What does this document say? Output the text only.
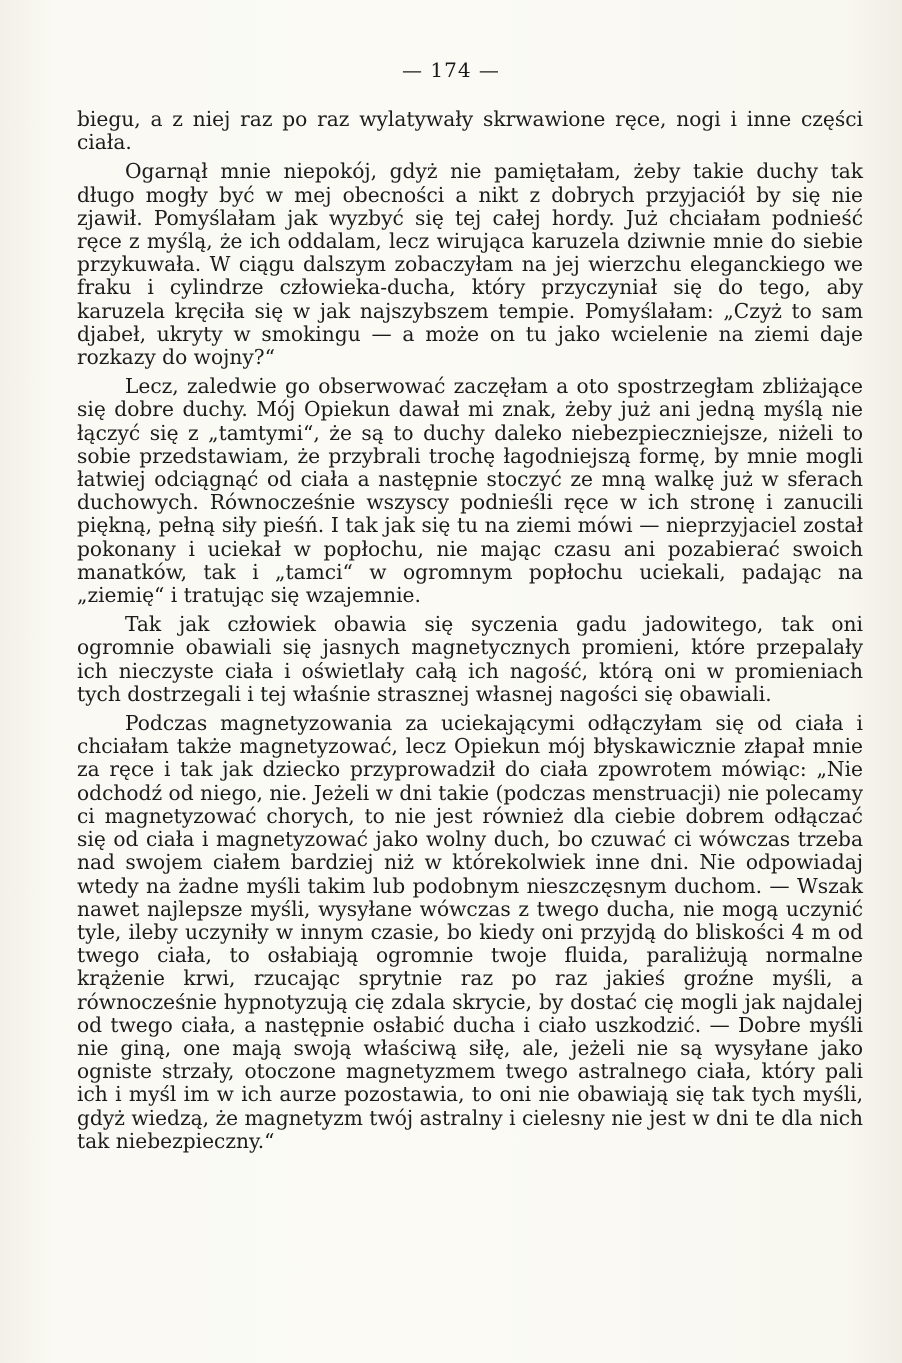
— 174 —

biegu, a z niej raz po raz wylatywały skrwawione ręce, nogi i inne części ciała.

Ogarnął mnie niepokój, gdyż nie pamiętałam, żeby takie duchy tak długo mogły być w mej obecności a nikt z dobrych przyjaciół by się nie zjawił. Pomyślałam jak wyzbyć się tej całej hordy. Już chciałam podnieść ręce z myślą, że ich oddalam, lecz wirująca karuzela dziwnie mnie do siebie przykuwała. W ciągu dalszym zobaczyłam na jej wierzchu eleganckiego we fraku i cylindrze człowieka-ducha, który przyczyniał się do tego, aby karuzela kręciła się w jak najszybszem tempie. Pomyślałam: „Czyż to sam djabeł, ukryty w smokingu — a może on tu jako wcielenie na ziemi daje rozkazy do wojny?“

Lecz, zaledwie go obserwować zaczęłam a oto spostrzegłam zbliżające się dobre duchy. Mój Opiekun dawał mi znak, żeby już ani jedną myślą nie łączyć się z „tamtymi“, że są to duchy daleko niebezpieczniejsze, niżeli to sobie przedstawiam, że przybrali trochę łagodniejszą formę, by mnie mogli łatwiej odciągnąć od ciała a następnie stoczyć ze mną walkę już w sferach duchowych. Równocześnie wszyscy podnieśli ręce w ich stronę i zanucili piękną, pełną siły pieśń. I tak jak się tu na ziemi mówi — nieprzyjaciel został pokonany i uciekał w popłochu, nie mając czasu ani pozabierać swoich manatków, tak i „tamci“ w ogromnym popłochu uciekali, padając na „ziemię“ i tratując się wzajemnie.

Tak jak człowiek obawia się syczenia gadu jadowitego, tak oni ogromnie obawiali się jasnych magnetycznych promieni, które przepalały ich nieczyste ciała i oświetlały całą ich nagość, którą oni w promieniach tych dostrzegali i tej właśnie strasznej własnej nagości się obawiali.

Podczas magnetyzowania za uciekającymi odłączyłam się od ciała i chciałam także magnetyzować, lecz Opiekun mój błyskawicznie złapał mnie za ręce i tak jak dziecko przyprowadził do ciała zpowrotem mówiąc: „Nie odchodź od niego, nie. Jeżeli w dni takie (podczas menstruacji) nie polecamy ci magnetyzować chorych, to nie jest również dla ciebie dobrem odłączać się od ciała i magnetyzować jako wolny duch, bo czuwać ci wówczas trzeba nad swojem ciałem bardziej niż w którekolwiek inne dni. Nie odpowiadaj wtedy na żadne myśli takim lub podobnym nieszczęsnym duchom. — Wszak nawet najlepsze myśli, wysyłane wówczas z twego ducha, nie mogą uczynić tyle, ileby uczyniły w innym czasie, bo kiedy oni przyjdą do bliskości 4 m od twego ciała, to osłabiają ogromnie twoje fluida, paraliżują normalne krążenie krwi, rzucając sprytnie raz po raz jakieś groźne myśli, a równocześnie hypnotyzują cię zdala skrycie, by dostać cię mogli jak najdalej od twego ciała, a następnie osłabić ducha i ciało uszkodzić. — Dobre myśli nie giną, one mają swoją właściwą siłę, ale, jeżeli nie są wysyłane jako ogniste strzały, otoczone magnetyzmem twego astralnego ciała, który pali ich i myśl im w ich aurze pozostawia, to oni nie obawiają się tak tych myśli, gdyż wiedzą, że magnetyzm twój astralny i cielesny nie jest w dni te dla nich tak niebezpieczny.“
